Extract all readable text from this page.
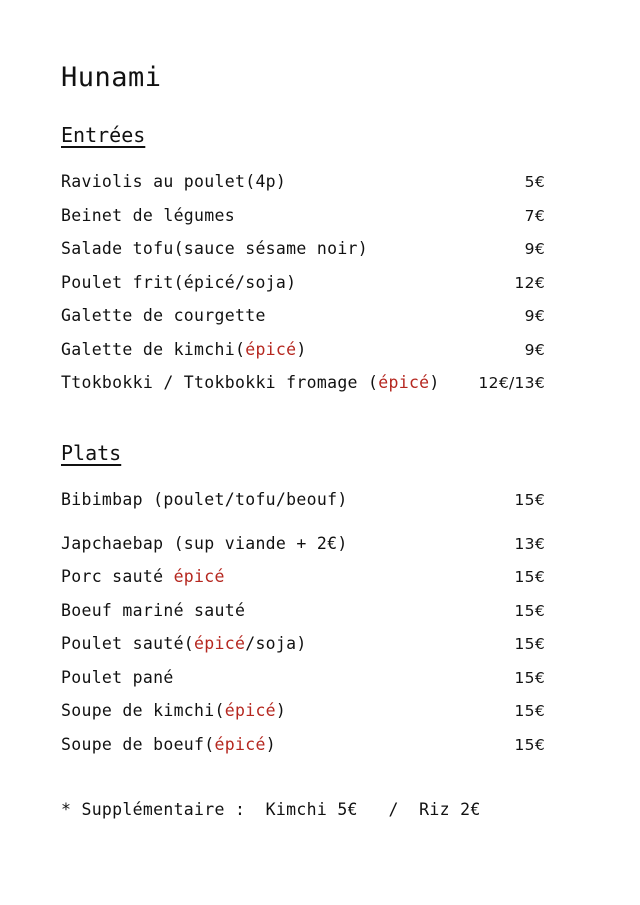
Hunami
Entrées
Raviolis au poulet(4p)	5€
Beinet de légumes	7€
Salade tofu(sauce sésame noir)	9€
Poulet frit(épicé/soja)	12€
Galette de courgette	9€
Galette de kimchi(épicé)	9€
Ttokbokki / Ttokbokki fromage (épicé)	12€/13€
Plats
Bibimbap (poulet/tofu/beouf)	15€
Japchaebap (sup viande + 2€)	13€
Porc sauté épicé	15€
Boeuf mariné sauté	15€
Poulet sauté(épicé/soja)	15€
Poulet pané	15€
Soupe de kimchi(épicé)	15€
Soupe de boeuf(épicé)	15€
* Supplémentaire :  Kimchi 5€   /  Riz 2€
